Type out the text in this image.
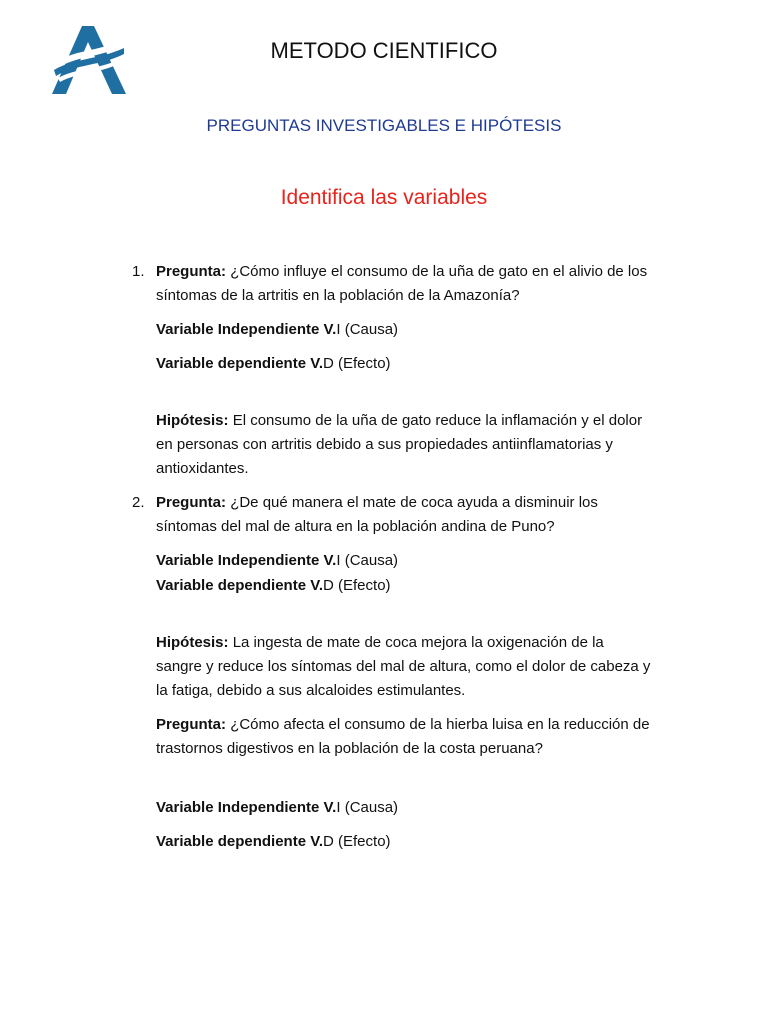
METODO CIENTIFICO
PREGUNTAS INVESTIGABLES E HIPÓTESIS
Identifica las variables
1. Pregunta: ¿Cómo influye el consumo de la uña de gato en el alivio de los síntomas de la artritis en la población de la Amazonía?
Variable Independiente V.I (Causa)
Variable dependiente V.D (Efecto)
Hipótesis: El consumo de la uña de gato reduce la inflamación y el dolor en personas con artritis debido a sus propiedades antiinflamatorias y antioxidantes.
2. Pregunta: ¿De qué manera el mate de coca ayuda a disminuir los síntomas del mal de altura en la población andina de Puno?
Variable Independiente V.I (Causa)
Variable dependiente V.D (Efecto)
Hipótesis: La ingesta de mate de coca mejora la oxigenación de la sangre y reduce los síntomas del mal de altura, como el dolor de cabeza y la fatiga, debido a sus alcaloides estimulantes.
Pregunta: ¿Cómo afecta el consumo de la hierba luisa en la reducción de trastornos digestivos en la población de la costa peruana?
Variable Independiente V.I (Causa)
Variable dependiente V.D (Efecto)
